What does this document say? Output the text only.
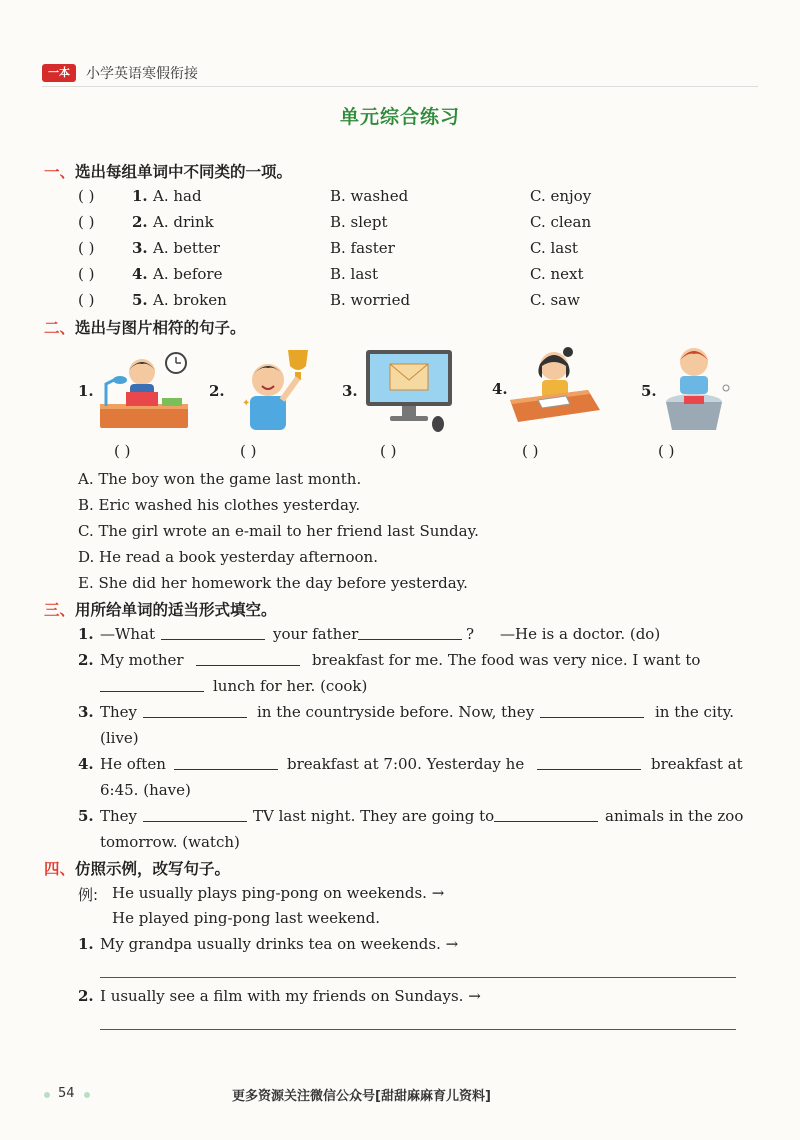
一本	小学英语寒假衔接
单元综合练习
一、选出每组单词中不同类的一项。
( )	1. A. had	B. washed	C. enjoy
( )	2. A. drink	B. slept	C. clean
( )	3. A. better	B. faster	C. last
( )	4. A. before	B. last	C. next
( )	5. A. broken	B. worried	C. saw
二、选出与图片相符的句子。
1.
( )
2.
✦
( )
3.
( )
4.
( )
5.
( )
A. The boy won the game last month.
B. Eric washed his clothes yesterday.
C. The girl wrote an e-mail to her friend last Sunday.
D. He read a book yesterday afternoon.
E. She did her homework the day before yesterday.
三、用所给单词的适当形式填空。
1. —What	your father	? —He is a doctor. (do)
2. My mother	breakfast for me. The food was very nice. I want to
lunch for her. (cook)
3. They	in the countryside before. Now, they	in the city.
(live)
4. He often	breakfast at 7:00. Yesterday he	breakfast at
6:45. (have)
5. They	TV last night. They are going to	animals in the zoo
tomorrow. (watch)
四、仿照示例，改写句子。
例: He usually plays ping-pong on weekends. →
He played ping-pong last weekend.
1. My grandpa usually drinks tea on weekends. →
2. I usually see a film with my friends on Sundays. →
54	更多资源关注微信公众号[甜甜麻麻育儿资料]
